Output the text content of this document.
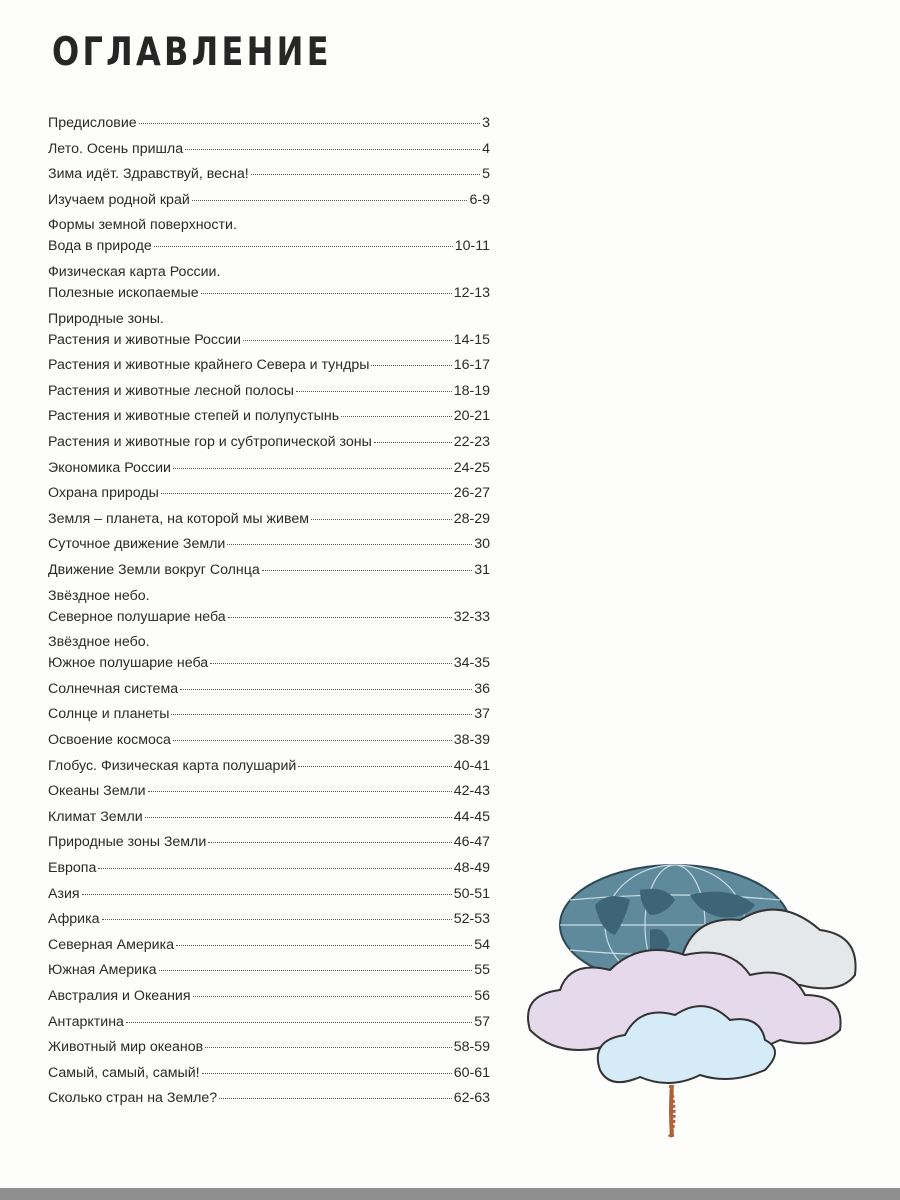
ОГЛАВЛЕНИЕ
Предисловие	3
Лето. Осень пришла	4
Зима идёт. Здравствуй, весна!	5
Изучаем родной край	6-9
Формы земной поверхности.
Вода в природе	10-11
Физическая карта России.
Полезные ископаемые	12-13
Природные зоны.
Растения и животные России	14-15
Растения и животные крайнего Севера и тундры	16-17
Растения и животные лесной полосы	18-19
Растения и животные степей и полупустынь	20-21
Растения и животные гор и субтропической зоны	22-23
Экономика России	24-25
Охрана природы	26-27
Земля – планета, на которой мы живем	28-29
Суточное движение Земли	30
Движение Земли вокруг Солнца	31
Звёздное небо.
Северное полушарие неба	32-33
Звёздное небо.
Южное полушарие неба	34-35
Солнечная система	36
Солнце и планеты	37
Освоение космоса	38-39
Глобус. Физическая карта полушарий	40-41
Океаны Земли	42-43
Климат Земли	44-45
Природные зоны Земли	46-47
Европа	48-49
Азия	50-51
Африка	52-53
Северная Америка	54
Южная Америка	55
Австралия и Океания	56
Антарктина	57
Животный мир океанов	58-59
Самый, самый, самый!	60-61
Сколько стран на Земле?	62-63
